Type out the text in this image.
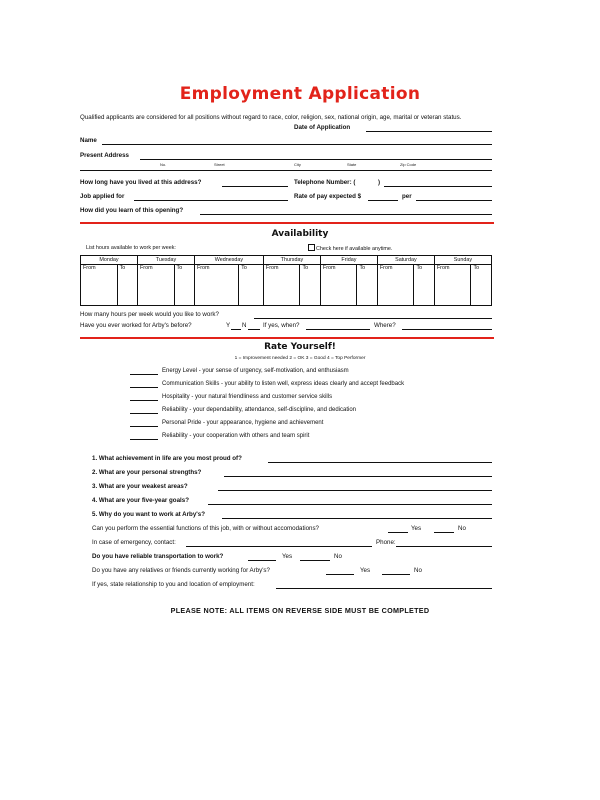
Employment Application
Qualified applicants are considered for all positions without regard to race, color, religion, sex, national origin, age, marital or veteran status.
Date of Application
Name
Present Address
No.	Street	City	State	Zip Code
How long have you lived at this address?	Telephone Number: (	)
Job applied for	Rate of pay expected $	per
How did you learn of this opening?
Availability
List hours available to work per week:	Check here if available anytime.
Monday		Tuesday		Wednesday		Thursday		Friday		Saturday		Sunday	
From	To	From	To	From	To	From	To	From	To	From	To	From	To
How many hours per week would you like to work?
Have you ever worked for Arby's before?	Y N	If yes, when?	Where?
Rate Yourself!
1 = Improvement needed 2 = OK 3 = Good 4 = Top Performer
Energy Level - your sense of urgency, self-motivation, and enthusiasm
Communication Skills - your ability to listen well, express ideas clearly and accept feedback
Hospitality - your natural friendliness and customer service skills
Reliability - your dependability, attendance, self-discipline, and dedication
Personal Pride - your appearance, hygiene and achievement
Reliability - your cooperation with others and team spirit
1. What achievement in life are you most proud of?
2. What are your personal strengths?
3. What are your weakest areas?
4. What are your five-year goals?
5. Why do you want to work at Arby's?
Can you perform the essential functions of this job, with or without accomodations?	Yes	No
In case of emergency, contact:	Phone:
Do you have reliable transportation to work?	Yes	No
Do you have any relatives or friends currently working for Arby's?	Yes	No
If yes, state relationship to you and location of employment:
PLEASE NOTE: ALL ITEMS ON REVERSE SIDE MUST BE COMPLETED
